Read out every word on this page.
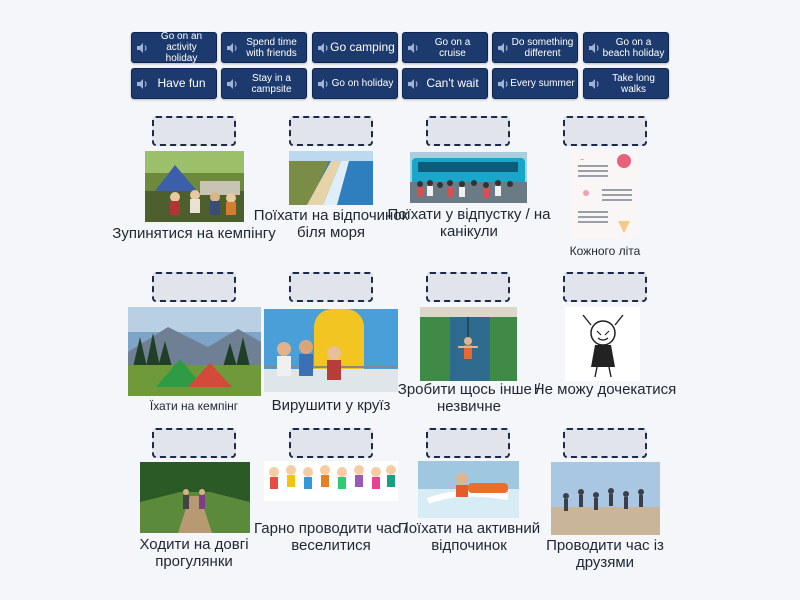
Go on an activity holiday
Spend time with friends	Go camping	Go on a cruise
Do something different
Go on a beach holiday
Have fun	Stay in a campsite	Go on holiday	Can't wait	Every summer	Take long walks
~
Зупинятися на кемпінгу
Поїхати на відпочинок біля моря
Поїхати у відпустку / на канікули
Кожного літа
Їхати на кемпінг	Вирушити у круїз
Зробити щось інше / незвичне
Не можу дочекатися
Ходити на довгі прогулянки
Гарно проводити час / веселитися
Поїхати на активний відпочинок	Проводити час із друзями
